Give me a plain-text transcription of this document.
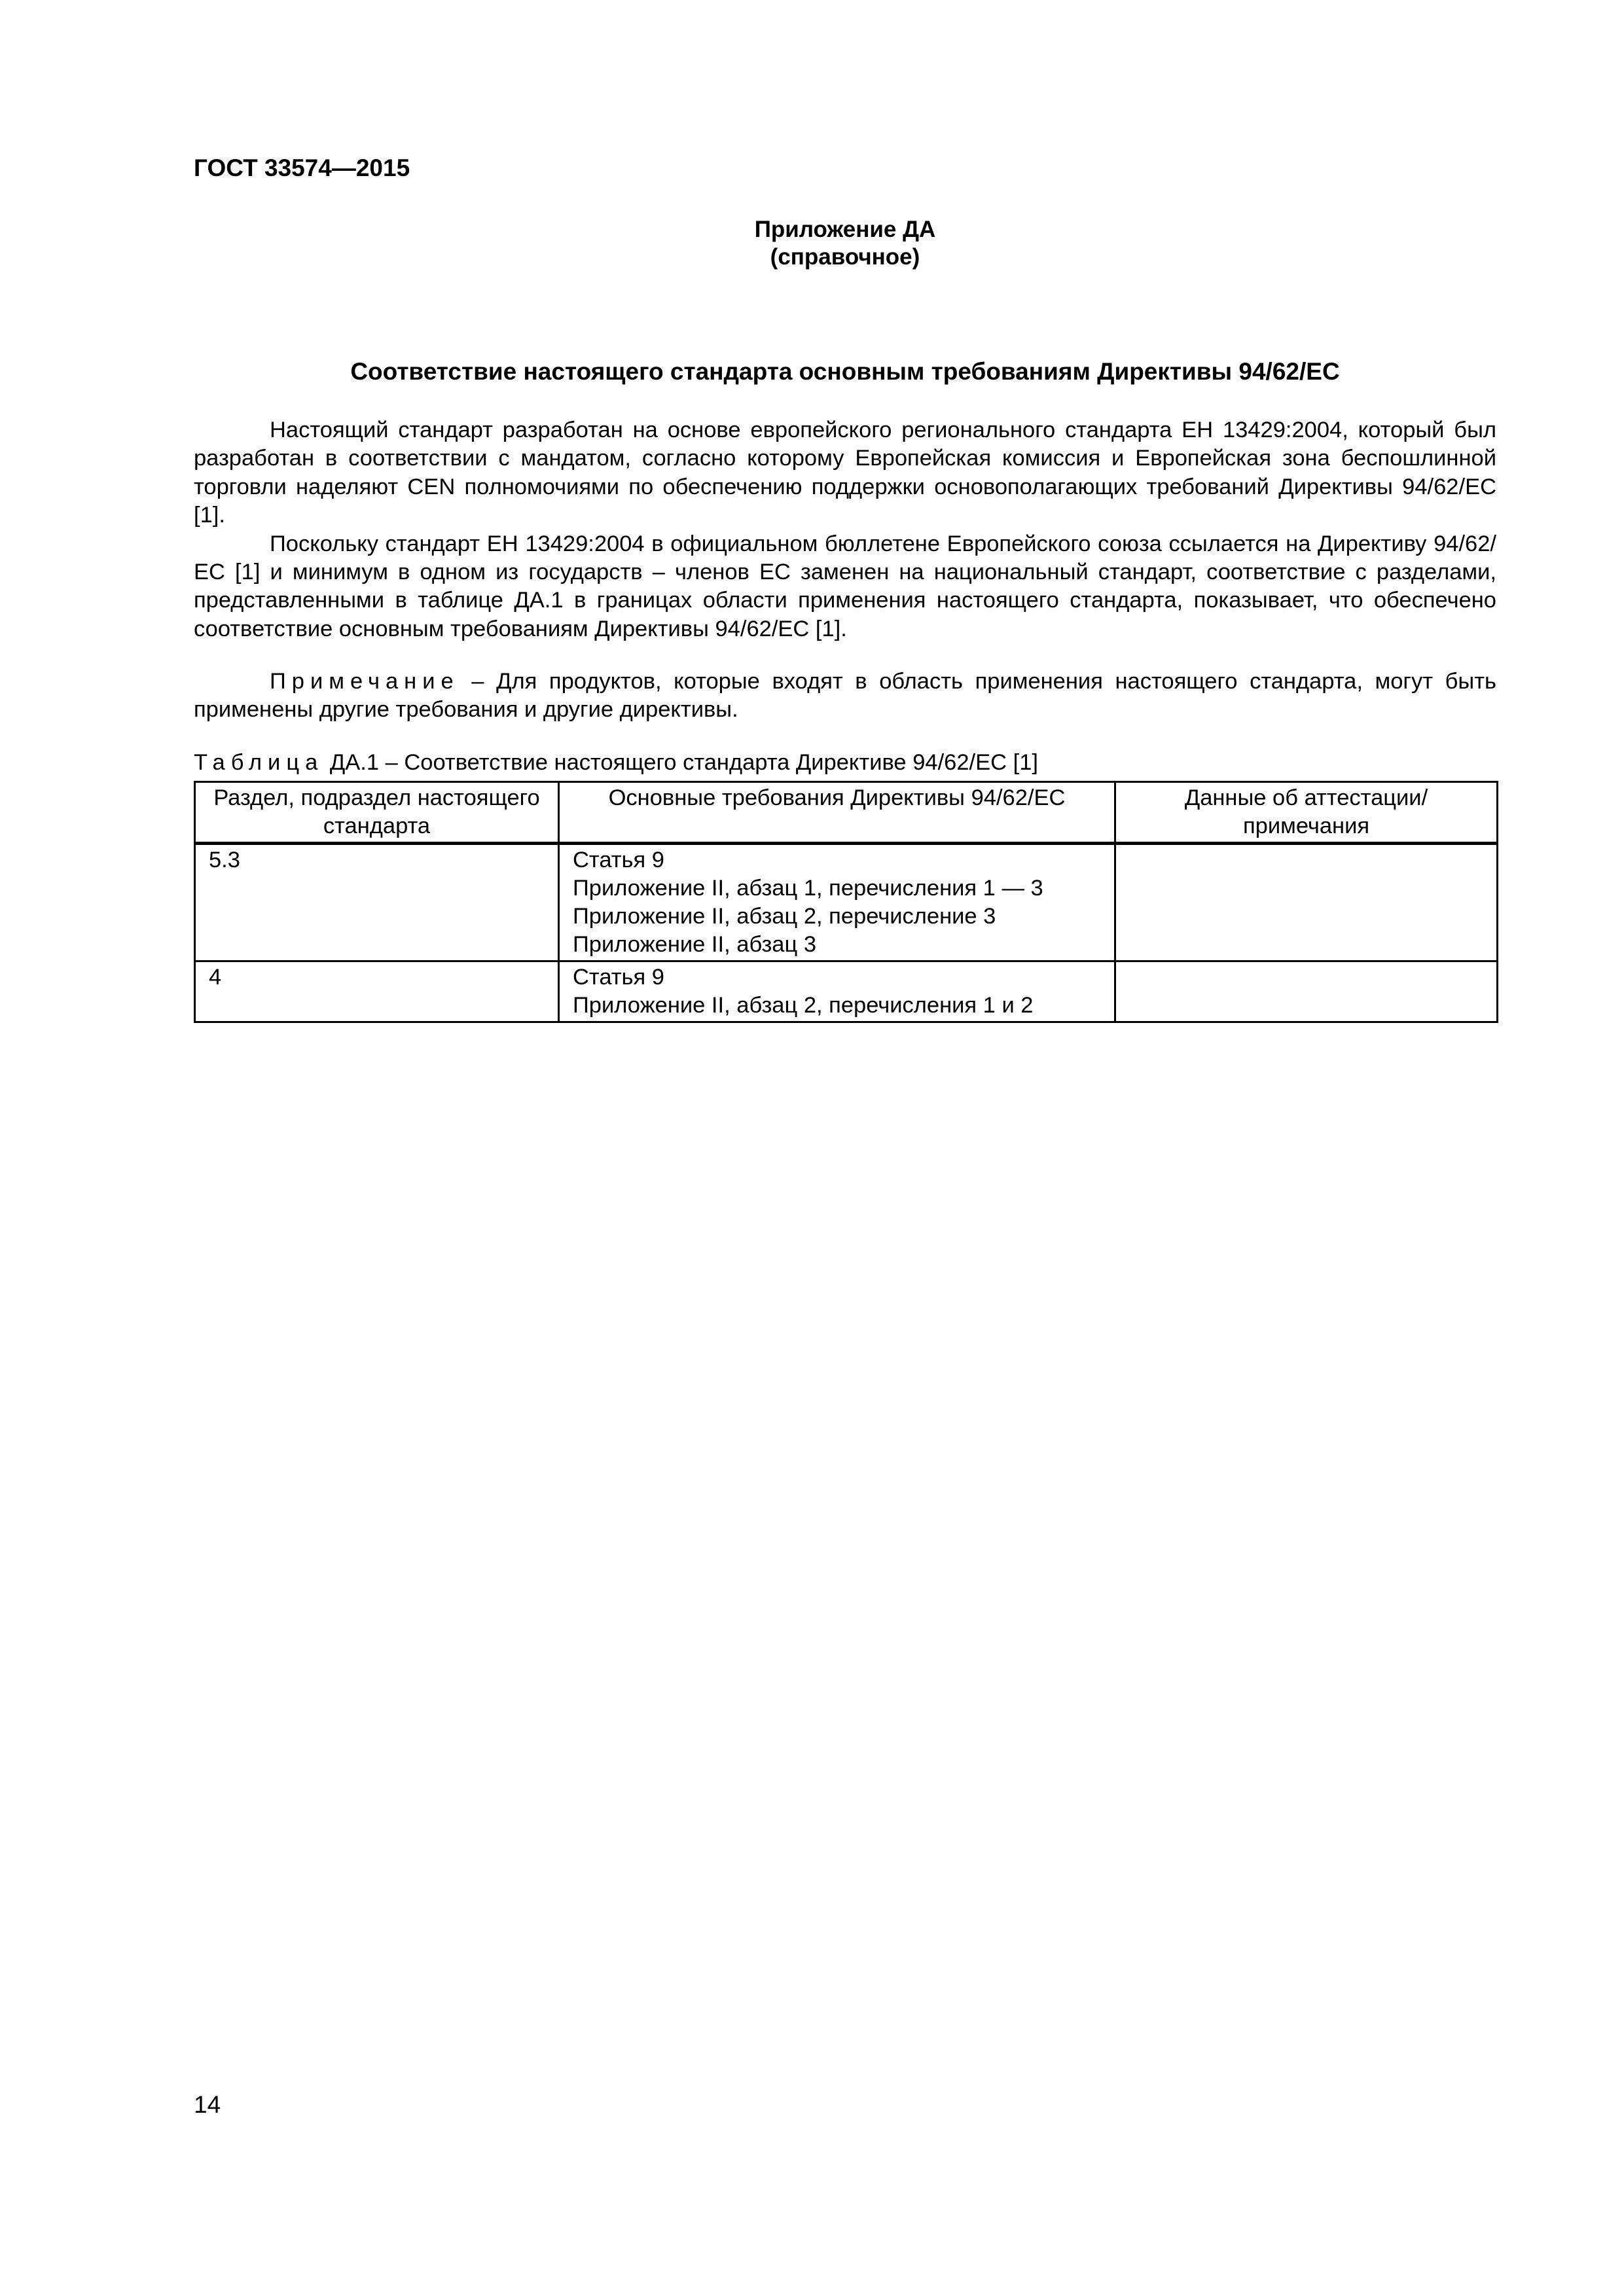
ГОСТ 33574—2015
Приложение ДА
(справочное)
Соответствие настоящего стандарта основным требованиям Директивы 94/62/ЕС

Настоящий стандарт разработан на основе европейского регионального стандарта ЕН 13429:2004, который был разработан в соответствии с мандатом, согласно которому Европейская комиссия и Европейская зона беспошлинной торговли наделяют CEN полномочиями по обеспечению поддержки основополагающих требований Директивы 94/62/ЕС [1].

Поскольку стандарт ЕН 13429:2004 в официальном бюллетене Европейского союза ссылается на Директиву 94/62/ЕС [1] и минимум в одном из государств – членов ЕС заменен на национальный стандарт, соответствие с разделами, представленными в таблице ДА.1 в границах области применения настоящего стандарта, показывает, что обеспечено соответствие основным требованиям Директивы 94/62/ЕС [1].

Примечание – Для продуктов, которые входят в область применения настоящего стандарта, могут быть применены другие требования и другие директивы.

Таблица ДА.1 – Соответствие настоящего стандарта Директиве 94/62/ЕС [1]
Раздел, подраздел настоящего стандарта	Основные требования Директивы 94/62/ЕС	Данные об аттестации/ примечания
5.3	Статья 9
Приложение II, абзац 1, перечисления 1 — 3
Приложение II, абзац 2, перечисление 3
Приложение II, абзац 3	

4	Статья 9
Приложение II, абзац 2, перечисления 1 и 2	

14
